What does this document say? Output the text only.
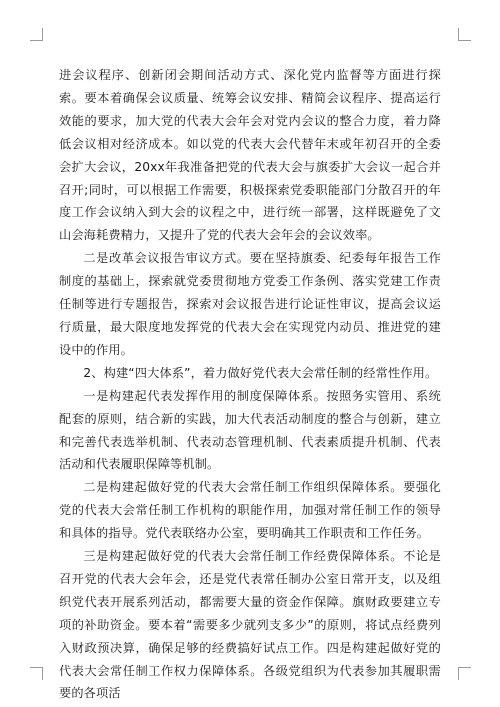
进会议程序、创新闭会期间活动方式、深化党内监督等方面进行探索。要本着确保会议质量、统筹会议安排、精简会议程序、提高运行效能的要求，加大党的代表大会年会对党内会议的整合力度，着力降低会议相对经济成本。如以党的代表大会代替年末或年初召开的全委会扩大会议，20xx年我准备把党的代表大会与旗委扩大会议一起合并召开;同时，可以根据工作需要，积极探索党委职能部门分散召开的年度工作会议纳入到大会的议程之中，进行统一部署，这样既避免了文山会海耗费精力，又提升了党的代表大会年会的会议效率。

二是改革会议报告审议方式。要在坚持旗委、纪委每年报告工作制度的基础上，探索就党委贯彻地方党委工作条例、落实党建工作责任制等进行专题报告，探索对会议报告进行论证性审议，提高会议运行质量，最大限度地发挥党的代表大会在实现党内动员、推进党的建设中的作用。

2、构建“四大体系”，着力做好党代表大会常任制的经常性作用。

一是构建起代表发挥作用的制度保障体系。按照务实管用、系统配套的原则，结合新的实践，加大代表活动制度的整合与创新，建立和完善代表选举机制、代表动态管理机制、代表素质提升机制、代表活动和代表履职保障等机制。

二是构建起做好党的代表大会常任制工作组织保障体系。要强化党的代表大会常任制工作机构的职能作用，加强对常任制工作的领导和具体的指导。党代表联络办公室，要明确其工作职责和工作任务。

三是构建起做好党的代表大会常任制工作经费保障体系。不论是召开党的代表大会年会，还是党代表常任制办公室日常开支，以及组织党代表开展系列活动，都需要大量的资金作保障。旗财政要建立专项的补助资金。要本着“需要多少就列支多少”的原则，将试点经费列入财政预决算，确保足够的经费搞好试点工作。四是构建起做好党的代表大会常任制工作权力保障体系。各级党组织为代表参加其履职需要的各项活
